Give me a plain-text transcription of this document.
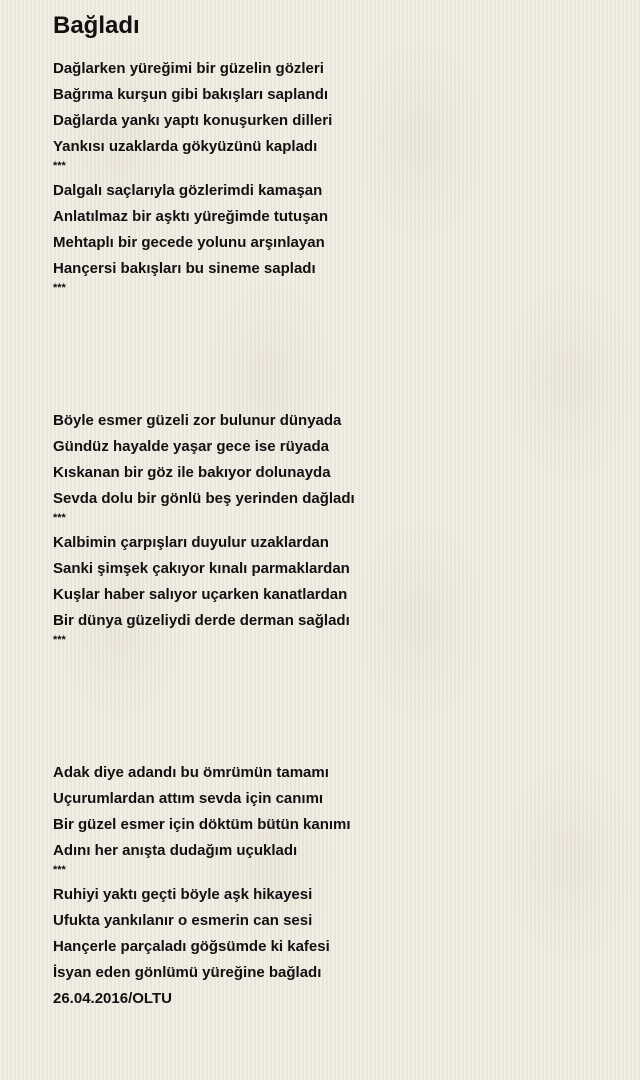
Bağladı
Dağlarken yüreğimi bir güzelin gözleri
Bağrıma kurşun gibi bakışları saplandı
Dağlarda yankı yaptı konuşurken dilleri
Yankısı uzaklarda gökyüzünü kapladı
***
Dalgalı saçlarıyla gözlerimdi kamaşan
Anlatılmaz bir aşktı yüreğimde tutuşan
Mehtaplı bir gecede yolunu arşınlayan
Hançersi bakışları bu sineme sapladı
***
Böyle esmer güzeli zor bulunur dünyada
Gündüz hayalde yaşar gece ise rüyada
Kıskanan bir göz ile bakıyor dolunayda
Sevda dolu bir gönlü beş yerinden dağladı
***
Kalbimin çarpışları duyulur uzaklardan
Sanki şimşek çakıyor kınalı parmaklardan
Kuşlar haber salıyor uçarken kanatlardan
Bir dünya güzeliydi derde derman sağladı
***
Adak diye adandı bu ömrümün tamamı
Uçurumlardan attım sevda için canımı
Bir güzel esmer için döktüm bütün kanımı
Adını her anışta dudağım uçukladı
***
Ruhiyi yaktı geçti böyle aşk hikayesi
Ufukta yankılanır o esmerin can sesi
Hançerle parçaladı göğsümde ki kafesi
İsyan eden gönlümü yüreğine bağladı
26.04.2016/OLTU
